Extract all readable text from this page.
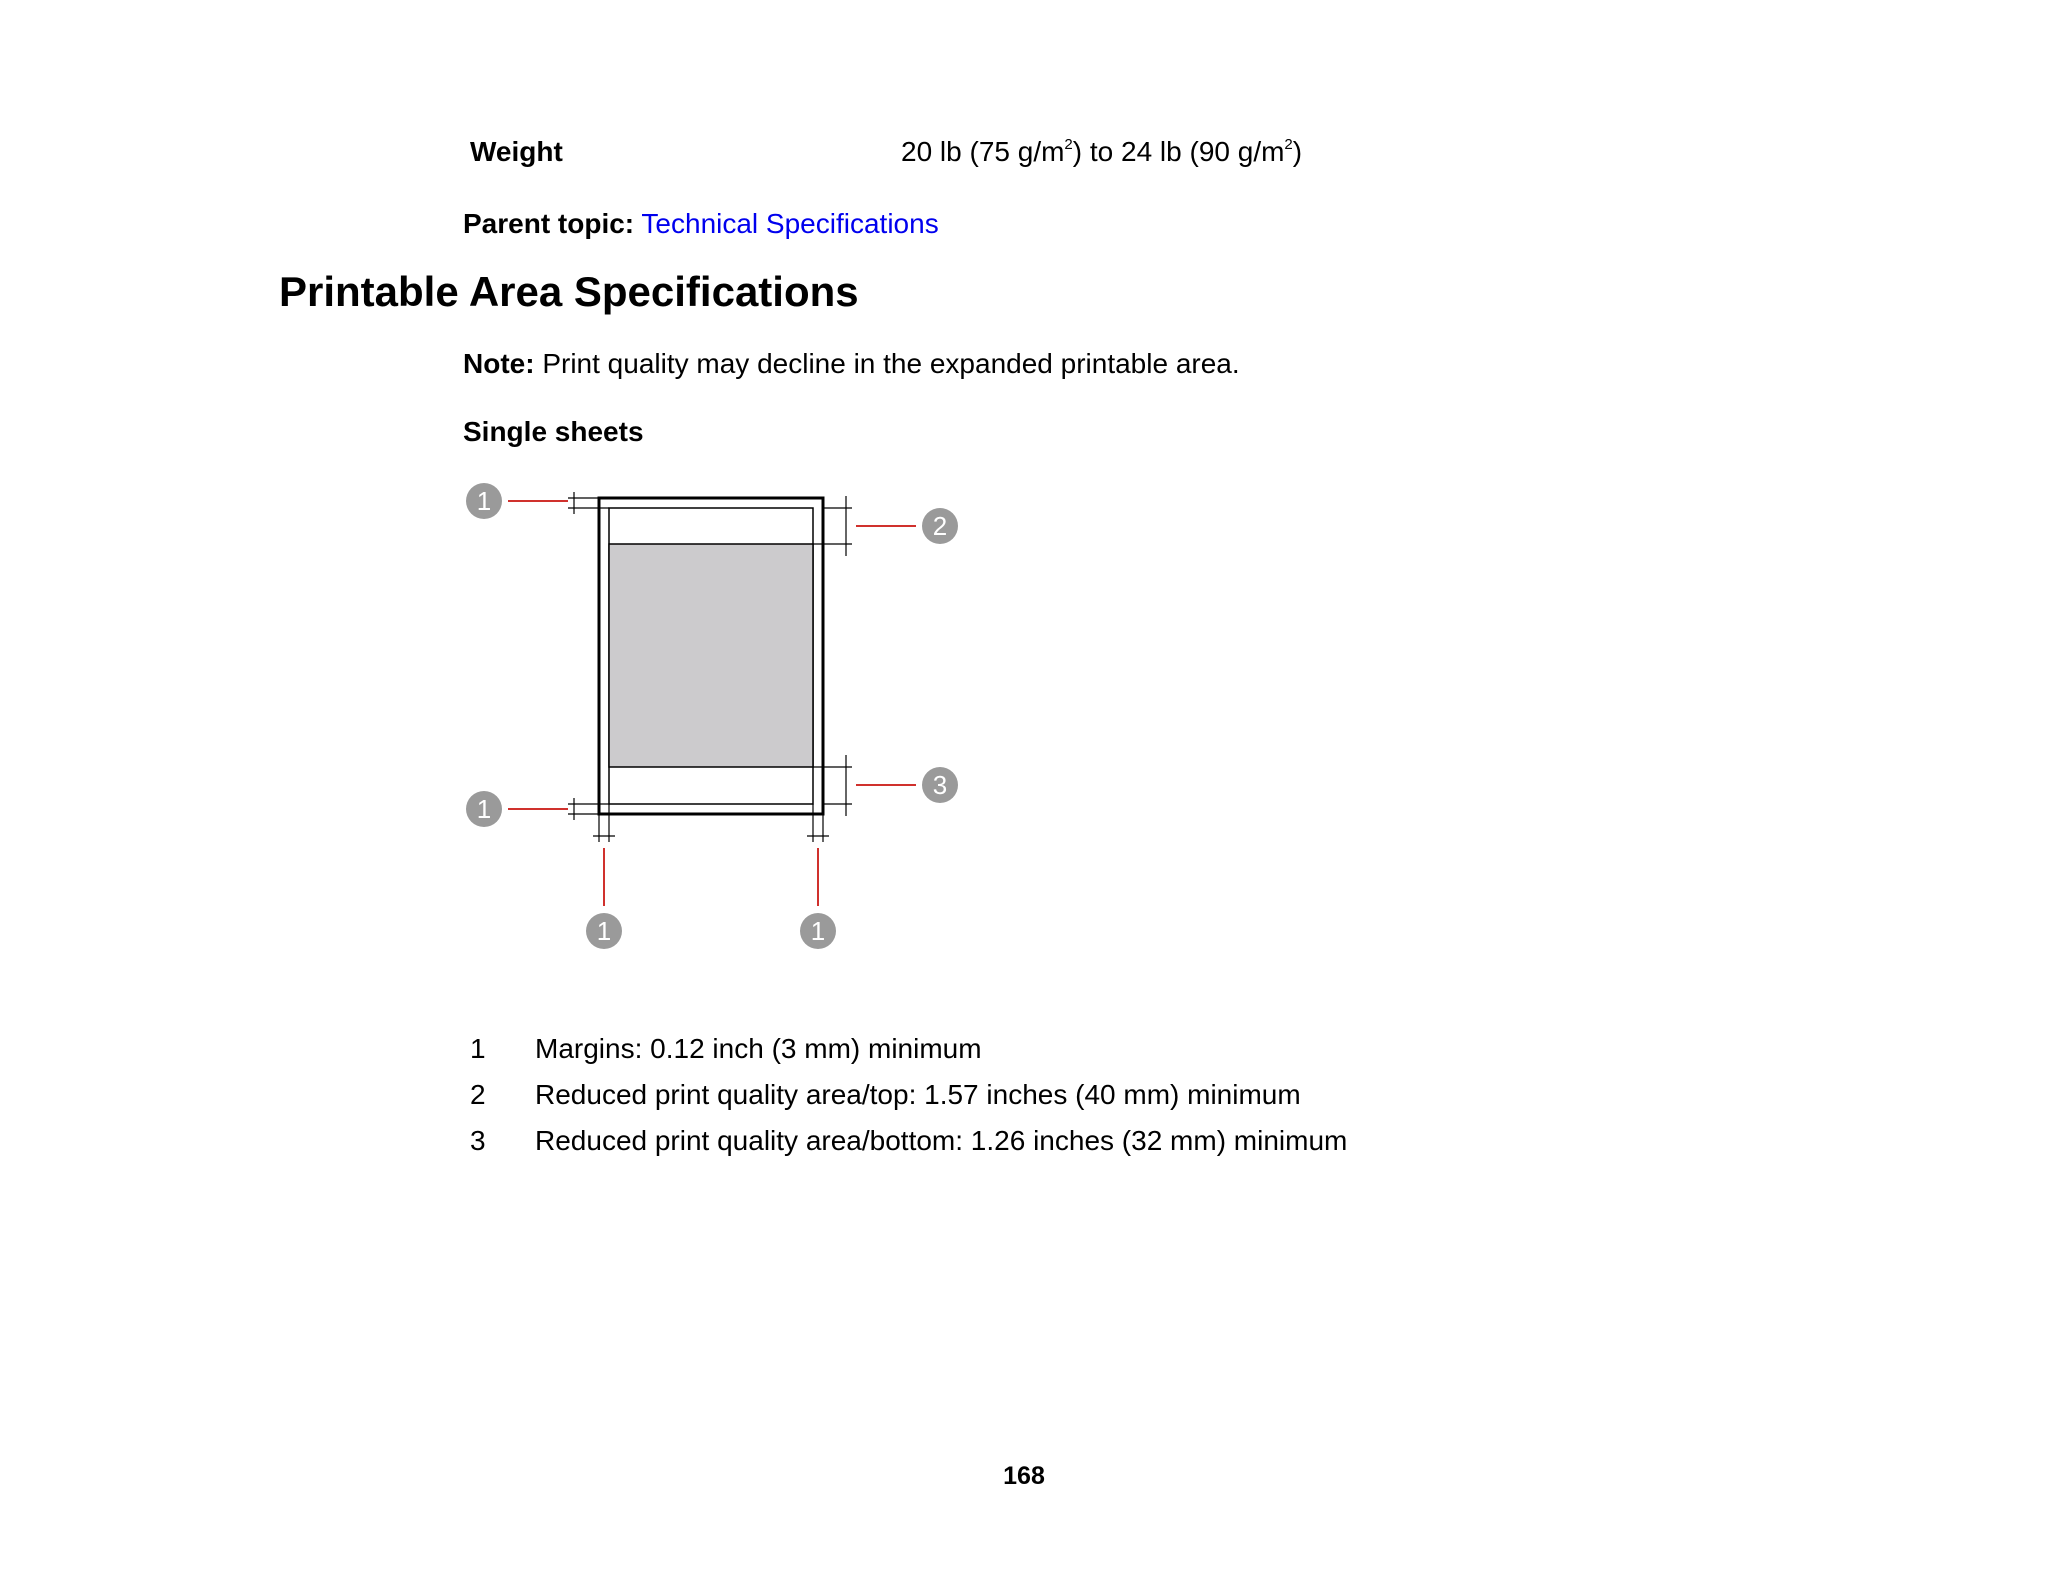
Weight	20 lb (75 $g/m^2$) to 24 lb (90 $g/m^2$)
Parent topic: Technical Specifications
Printable Area Specifications
Note: Print quality may decline in the expanded printable area.
Single sheets
1
2
3
1
1	1
1 Margins: 0.12 inch (3 mm) minimum
2 Reduced print quality area/top: 1.57 inches (40 mm) minimum
3 Reduced print quality area/bottom: 1.26 inches (32 mm) minimum
168
